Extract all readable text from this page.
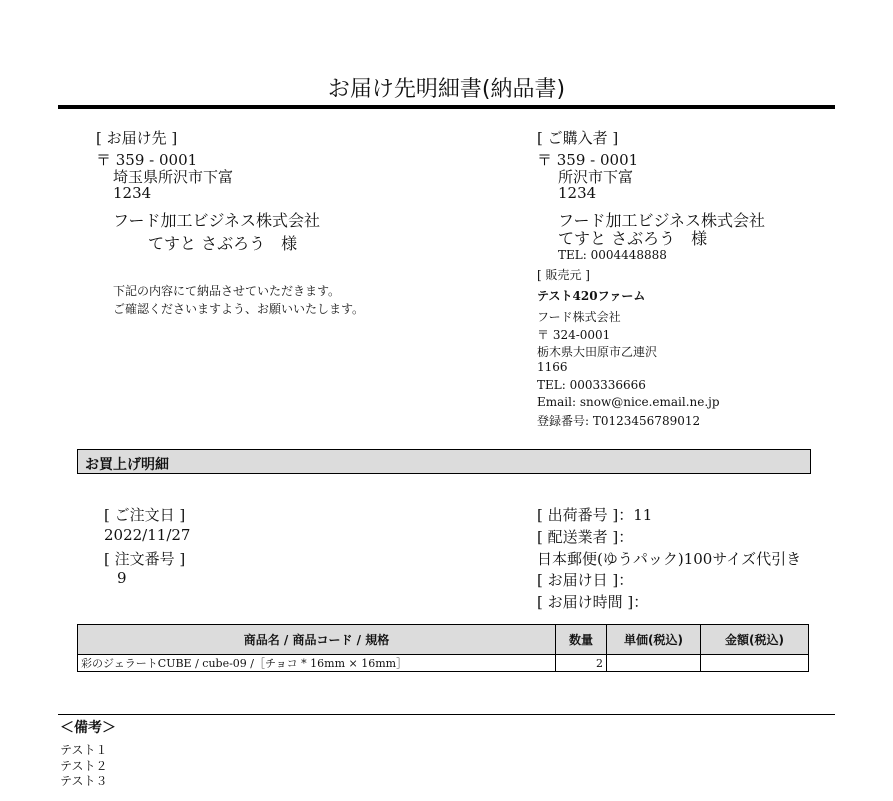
お届け先明細書(納品書)
[ お届け先 ]
〒 359 - 0001
埼玉県所沢市下富
1234
フード加工ビジネス株式会社
てすと さぶろう　様
下記の内容にて納品させていただきます。
ご確認くださいますよう、お願いいたします。
[ ご購入者 ]
〒 359 - 0001
所沢市下富
1234
フード加工ビジネス株式会社
てすと さぶろう　様
TEL: 0004448888
[ 販売元 ]
テスト420ファーム
フード株式会社
〒 324-0001
栃木県大田原市乙連沢
1166
TEL: 0003336666
Email: snow@nice.email.ne.jp
登録番号: T0123456789012
お買上げ明細
[ ご注文日 ]
2022/11/27
[ 注文番号 ]
9
[ 出荷番号 ]：11
[ 配送業者 ]：
日本郵便(ゆうパック)100サイズ代引き
[ お届け日 ]：
[ お届け時間 ]：
商品名 / 商品コード / 規格	数量	単価(税込)	金額(税込)
彩のジェラートCUBE / cube-09 /［チョコ * 16mm × 16mm］	2		
＜備考＞
テスト１
テスト２
テスト３
